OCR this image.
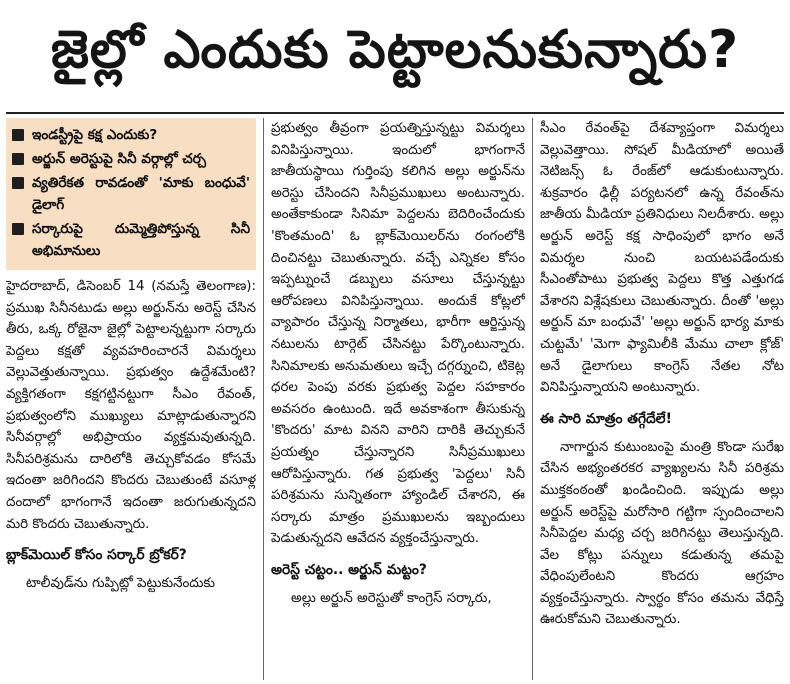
జైల్లో ఎందుకు పెట్టాలనుకున్నారు?
ఇండస్ట్రీపై కక్ష ఎందుకు?
అర్జున్ అరెస్టుపై సినీ వర్గాల్లో చర్చ
వ్యతిరేకత రావడంతో 'మాకు బంధువే' డైలాగ్
సర్కారుపై దుమ్మెత్తిపోస్తున్న సినీ అభిమానులు

హైదరాబాద్, డిసెంబర్ 14 (నమస్తే తెలంగాణ): ప్రముఖ సినీనటుడు అల్లు అర్జున్‌ను అరెస్ట్ చేసిన తీరు, ఒక్క రోజైనా జైల్లో పెట్టాలన్నట్టుగా సర్కారు పెద్దలు కక్షతో వ్యవహరించారనే విమర్శలు వెల్లువెత్తుతున్నాయి. ప్రభుత్వం ఉద్దేశమేంటి? వ్యక్తిగతంగా కక్షగట్టినట్టుగా సీఎం రేవంత్, ప్రభుత్వంలోని ముఖ్యులు మాట్లాడుతున్నారని సినీవర్గాల్లో అభిప్రాయం వ్యక్తమవుతున్నది. సినీపరిశ్రమను దారిలోకి తెచ్చుకోవడం కోసమే ఇదంతా జరిగిందని కొందరు చెబుతుంటే వసూళ్ల దందాలో భాగంగానే ఇదంతా జరుగుతున్నదని మరి కొందరు చెబుతున్నారు.

బ్లాక్‌మెయిల్ కోసం సర్కార్ బ్రోకర్?

టాలీవుడ్‌ను గుప్పిట్లో పెట్టుకునేందుకు

ప్రభుత్వం తీవ్రంగా ప్రయత్నిస్తున్నట్టు విమర్శలు వినిపిస్తున్నాయి. ఇందులో భాగంగానే జాతీయస్థాయి గుర్తింపు కలిగిన అల్లు అర్జున్‌ను అరెస్టు చేసిందని సినీప్రముఖులు అంటున్నారు. అంతేకాకుండా సినిమా పెద్దలను బెదిరించేందుకు 'కొంతమంది' ఓ బ్లాక్‌మెయిలర్‌ను రంగంలోకి దించినట్టు చెబుతున్నారు. వచ్చే ఎన్నికల కోసం ఇప్పట్నుంచే డబ్బులు వసూలు చేస్తున్నట్టు ఆరోపణలు వినిపిస్తున్నాయి. అందుకే కోట్లలో వ్యాపారం చేస్తున్న నిర్మాతలు, భారీగా ఆర్జిస్తున్న నటులను టార్గెట్ చేసినట్టు పేర్కొంటున్నారు. సినిమాలకు అనుమతులు ఇచ్చే దగ్గర్నుంచి, టికెట్ల ధరల పెంపు వరకు ప్రభుత్వ పెద్దల సహకారం అవసరం ఉంటుంది. ఇదే అవకాశంగా తీసుకున్న 'కొందరు' మాట వినని వారిని దారికి తెచ్చుకునే ప్రయత్నం చేస్తున్నారని సినీప్రముఖులు ఆరోపిస్తున్నారు. గత ప్రభుత్వ 'పెద్దలు' సినీ పరిశ్రమను సున్నితంగా హ్యాండిల్ చేశారని, ఈ సర్కారు మాత్రం ప్రముఖులను ఇబ్బందులు పెడుతున్నదని ఆవేదన వ్యక్తంచేస్తున్నారు.

అరెస్ట్ చట్టం.. అర్జున్ మట్టం?

అల్లు అర్జున్ అరెస్టుతో కాంగ్రెస్ సర్కారు,

సీఎం రేవంత్‌పై దేశవ్యాప్తంగా విమర్శలు వెల్లువెత్తాయి. సోషల్ మీడియాలో అయితే నెటిజన్స్ ఓ రేంజ్‌లో ఆడుకుంటున్నారు. శుక్రవారం ఢిల్లీ పర్యటనలో ఉన్న రేవంత్‌ను జాతీయ మీడియా ప్రతినిధులు నిలదీశారు. అల్లు అర్జున్ అరెస్ట్ కక్ష సాధింపులో భాగం అనే విమర్శల నుంచి బయటపడేందుకు సీఎంతోపాటు ప్రభుత్వ పెద్దలు కొత్త ఎత్తుగడ వేశారని విశ్లేషకులు చెబుతున్నారు. దీంతో 'అల్లు అర్జున్ మా బంధువే' 'అల్లు అర్జున్ భార్య మాకు చుట్టమే' 'మెగా ఫ్యామిలీకి మేము చాలా క్లోజ్' అనే డైలాగులు కాంగ్రెస్ నేతల నోట వినిపిస్తున్నాయని అంటున్నారు.

ఈ సారి మాత్రం తగ్గేదేలే!

నాగార్జున కుటుంబంపై మంత్రి కొండా సురేఖ చేసిన అభ్యంతరకర వ్యాఖ్యలను సినీ పరిశ్రమ ముక్తకంఠంతో ఖండించింది. ఇప్పుడు అల్లు అర్జున్ అరెస్ట్‌పై మరోసారి గట్టిగా స్పందించాలని సినీపెద్దల మధ్య చర్చ జరిగినట్టు తెలుస్తున్నది. వేల కోట్లు పన్నులు కడుతున్న తమపై వేధింపులేంటని కొందరు ఆగ్రహం వ్యక్తంచేస్తున్నారు. స్వార్థం కోసం తమను వేధిస్తే ఊరుకోమని చెబుతున్నారు.
